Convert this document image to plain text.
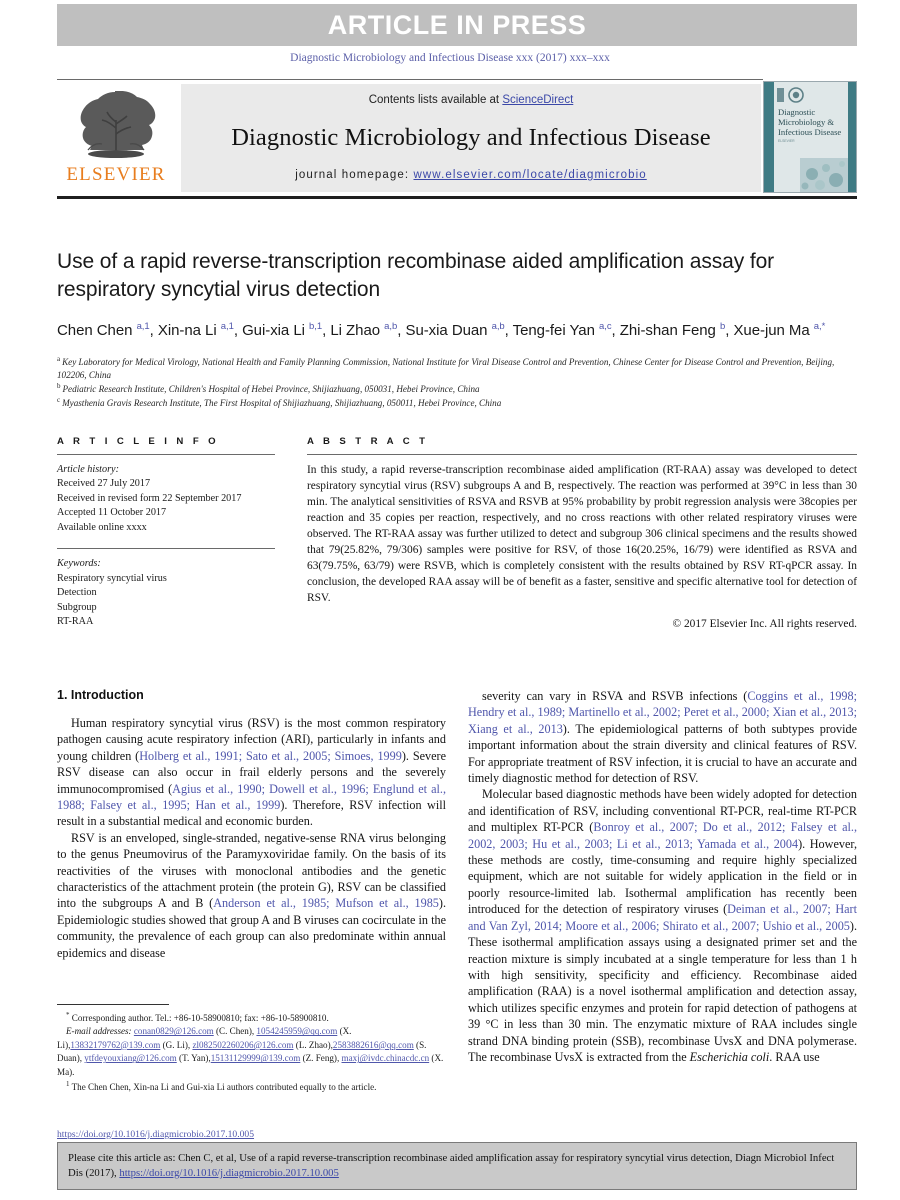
ARTICLE IN PRESS
Diagnostic Microbiology and Infectious Disease xxx (2017) xxx–xxx
ELSEVIER
Contents lists available at ScienceDirect
Diagnostic Microbiology and Infectious Disease
journal homepage: www.elsevier.com/locate/diagmicrobio
Diagnostic
Microbiology &
Infectious Disease
ELSEVIER
Use of a rapid reverse-transcription recombinase aided amplification assay for respiratory syncytial virus detection
Chen Chen $^{a,1}$, Xin-na Li $^{a,1}$, Gui-xia Li $^{b,1}$, Li Zhao $^{a,b}$, Su-xia Duan $^{a,b}$, Teng-fei Yan $^{a,c}$, Zhi-shan Feng $^b$, Xue-jun Ma $^{a,*}$
$^a$ Key Laboratory for Medical Virology, National Health and Family Planning Commission, National Institute for Viral Disease Control and Prevention, Chinese Center for Disease Control and Prevention, Beijing, 102206, China
$^b$ Pediatric Research Institute, Children's Hospital of Hebei Province, Shijiazhuang, 050031, Hebei Province, China
$^c$ Myasthenia Gravis Research Institute, The First Hospital of Shijiazhuang, Shijiazhuang, 050011, Hebei Province, China
A R T I C L E I N F O
Article history:
Received 27 July 2017
Received in revised form 22 September 2017
Accepted 11 October 2017
Available online xxxx
Keywords:
Respiratory syncytial virus
Detection
Subgroup
RT-RAA
A B S T R A C T
In this study, a rapid reverse-transcription recombinase aided amplification (RT-RAA) assay was developed to detect respiratory syncytial virus (RSV) subgroups A and B, respectively. The reaction was performed at 39°C in less than 30 min. The analytical sensitivities of RSVA and RSVB at 95% probability by probit regression analysis were 38copies per reaction and 35 copies per reaction, respectively, and no cross reactions with other related respiratory viruses were observed. The RT-RAA assay was further utilized to detect and subgroup 306 clinical specimens and the results showed that 79(25.82%, 79/306) samples were positive for RSV, of those 16(20.25%, 16/79) were identified as RSVA and 63(79.75%, 63/79) were RSVB, which is completely consistent with the results obtained by RSV RT-qPCR assay. In conclusion, the developed RAA assay will be of benefit as a faster, sensitive and specific alternative tool for detection of RSV.
© 2017 Elsevier Inc. All rights reserved.
1. Introduction

Human respiratory syncytial virus (RSV) is the most common respiratory pathogen causing acute respiratory infection (ARI), particularly in infants and young children (Holberg et al., 1991; Sato et al., 2005; Simoes, 1999). Severe RSV disease can also occur in frail elderly persons and the severely immunocompromised (Agius et al., 1990; Dowell et al., 1996; Englund et al., 1988; Falsey et al., 1995; Han et al., 1999). Therefore, RSV infection will result in a substantial medical and economic burden.

RSV is an enveloped, single-stranded, negative-sense RNA virus belonging to the genus Pneumovirus of the Paramyxoviridae family. On the basis of its reactivities of the viruses with monoclonal antibodies and the genetic characteristics of the attachment protein (the protein G), RSV can be classified into the subgroups A and B (Anderson et al., 1985; Mufson et al., 1985). Epidemiologic studies showed that group A and B viruses can cocirculate in the community, the prevalence of each group can also predominate within annual epidemics and disease

severity can vary in RSVA and RSVB infections (Coggins et al., 1998; Hendry et al., 1989; Martinello et al., 2002; Peret et al., 2000; Xian et al., 2013; Xiang et al., 2013). The epidemiological patterns of both subtypes provide important information about the strain diversity and clinical features of RSV. For appropriate treatment of RSV infection, it is crucial to have an accurate and timely diagnostic method for detection of RSV.

Molecular based diagnostic methods have been widely adopted for detection and identification of RSV, including conventional RT-PCR, real-time RT-PCR and multiplex RT-PCR (Bonroy et al., 2007; Do et al., 2012; Falsey et al., 2002, 2003; Hu et al., 2003; Li et al., 2013; Yamada et al., 2004). However, these methods are costly, time-consuming and require highly specialized equipment, which are not suitable for widely application in the field or in poorly resource-limited lab. Isothermal amplification has recently been introduced for the detection of respiratory viruses (Deiman et al., 2007; Hart and Van Zyl, 2014; Moore et al., 2006; Shirato et al., 2007; Ushio et al., 2005). These isothermal amplification assays using a designated primer set and the reaction mixture is simply incubated at a single temperature for less than 1 h with high sensitivity, specificity and efficiency. Recombinase aided amplification (RAA) is a novel isothermal amplification and detection assay, which utilizes specific enzymes and protein for rapid detection of pathogens at 39 °C in less than 30 min. The enzymatic mixture of RAA includes single strand DNA binding protein (SSB), recombinase UvsX and DNA polymerase. The recombinase UvsX is extracted from the Escherichia coli. RAA use

* Corresponding author. Tel.: +86-10-58900810; fax: +86-10-58900810.
E-mail addresses: conan0829@126.com (C. Chen), 1054245959@qq.com (X. Li),13832179762@139.com (G. Li), zl082502260206@126.com (L. Zhao),2583882616@qq.com (S. Duan), ytfdeyouxiang@126.com (T. Yan),15131129999@139.com (Z. Feng), maxj@ivdc.chinacdc.cn (X. Ma).
$^1$ The Chen Chen, Xin-na Li and Gui-xia Li authors contributed equally to the article.
https://doi.org/10.1016/j.diagmicrobio.2017.10.005
Please cite this article as: Chen C, et al, Use of a rapid reverse-transcription recombinase aided amplification assay for respiratory syncytial virus detection, Diagn Microbiol Infect Dis (2017), https://doi.org/10.1016/j.diagmicrobio.2017.10.005
